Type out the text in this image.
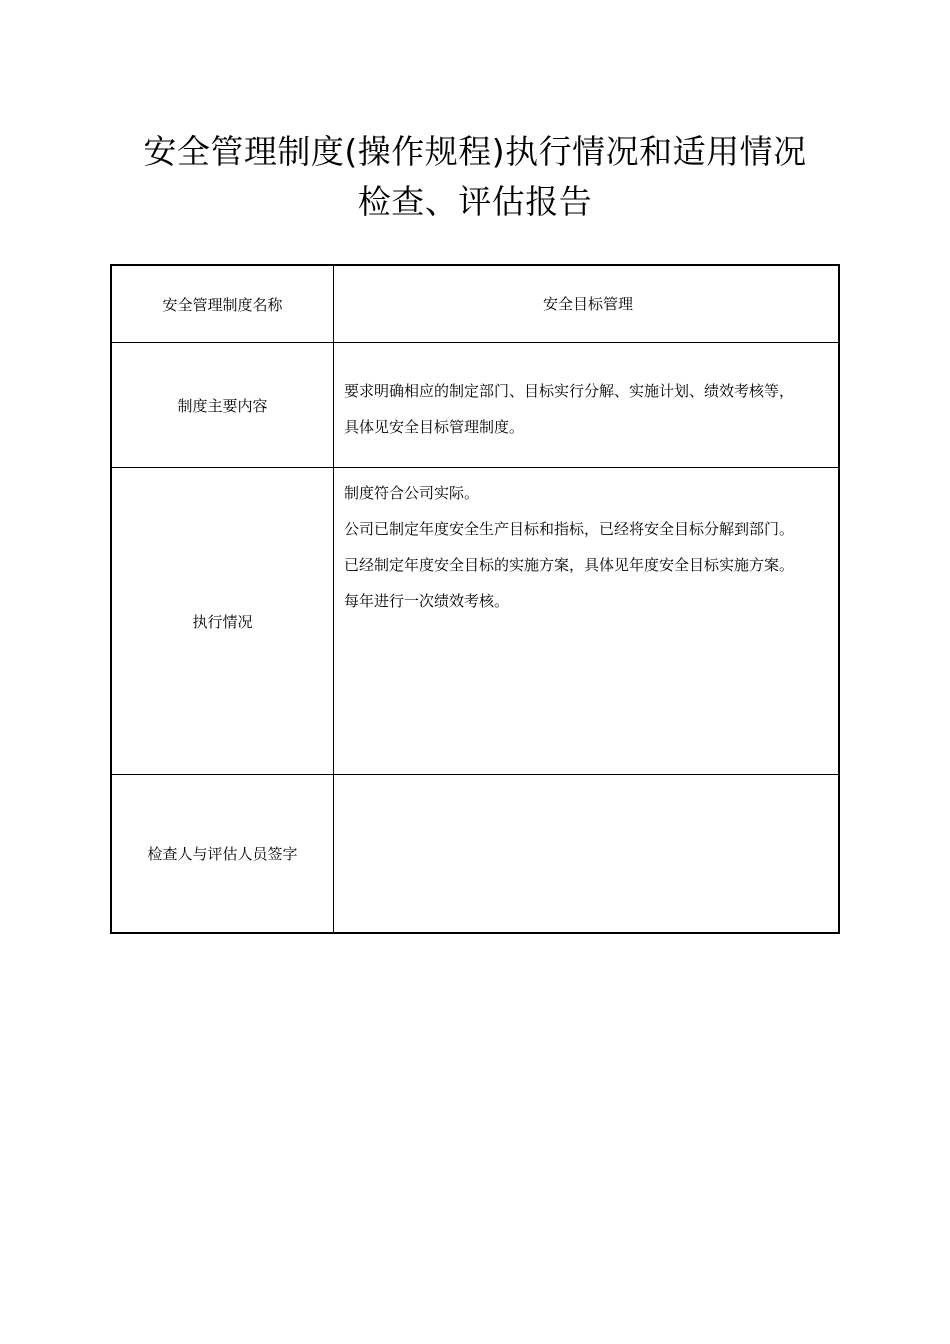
安全管理制度(操作规程)执行情况和适用情况
检查、评估报告
安全管理制度名称	安全目标管理
制度主要内容	要求明确相应的制定部门、目标实行分解、实施计划、绩效考核等，
具体见安全目标管理制度。

执行情况	制度符合公司实际。
公司已制定年度安全生产目标和指标，已经将安全目标分解到部门。
已经制定年度安全目标的实施方案，具体见年度安全目标实施方案。
每年进行一次绩效考核。

检查人与评估人员签字	
